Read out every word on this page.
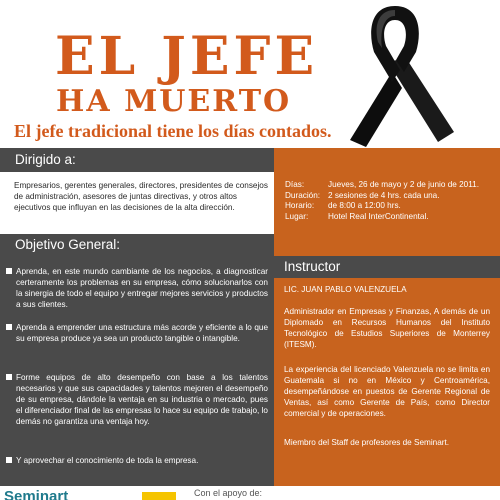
EL JEFE
HA MUERTO
El jefe tradicional tiene los días contados.
Dirigido a:
Empresarios, gerentes generales, directores, presidentes de consejos de administración, asesores de juntas directivas, y otros altos ejecutivos que influyan en las decisiones de la alta dirección.
Objetivo General:
Aprenda, en este mundo cambiante de los negocios, a diagnosticar certeramente los problemas en su empresa, cómo solucionarlos con la sinergia de todo el equipo y entregar mejores servicios y productos a sus clientes.
Aprenda a emprender una estructura más acorde y eficiente a lo que su empresa produce ya sea un producto tangible o intangible.
Forme equipos de alto desempeño con base a los talentos necesarios y que sus capacidades y talentos mejoren el desempeño de su empresa, dándole la ventaja en su industria o mercado, pues el diferenciador final de las empresas lo hace su equipo de trabajo, lo demás no garantiza una ventaja hoy.
Y aprovechar el conocimiento de toda la empresa.
Días:	Jueves, 26 de mayo y 2 de junio de 2011.
Duración: 2 sesiones de 4 hrs. cada una.
Horario:	de 8:00 a 12:00 hrs.
Lugar:	Hotel Real InterContinental.
Instructor
LIC. JUAN PABLO VALENZUELA
Administrador en Empresas y Finanzas, A demás de un Diplomado en Recursos Humanos del Instituto Tecnológico de Estudios Superiores de Monterrey (ITESM).
La experiencia del licenciado Valenzuela no se limita en Guatemala si no en México y Centroamérica, desempeñándose en puestos de Gerente Regional de Ventas, así como Gerente de País, como Director comercial y de operaciones.
Miembro del Staff de profesores de Seminart.
Seminart	Con el apoyo de:
